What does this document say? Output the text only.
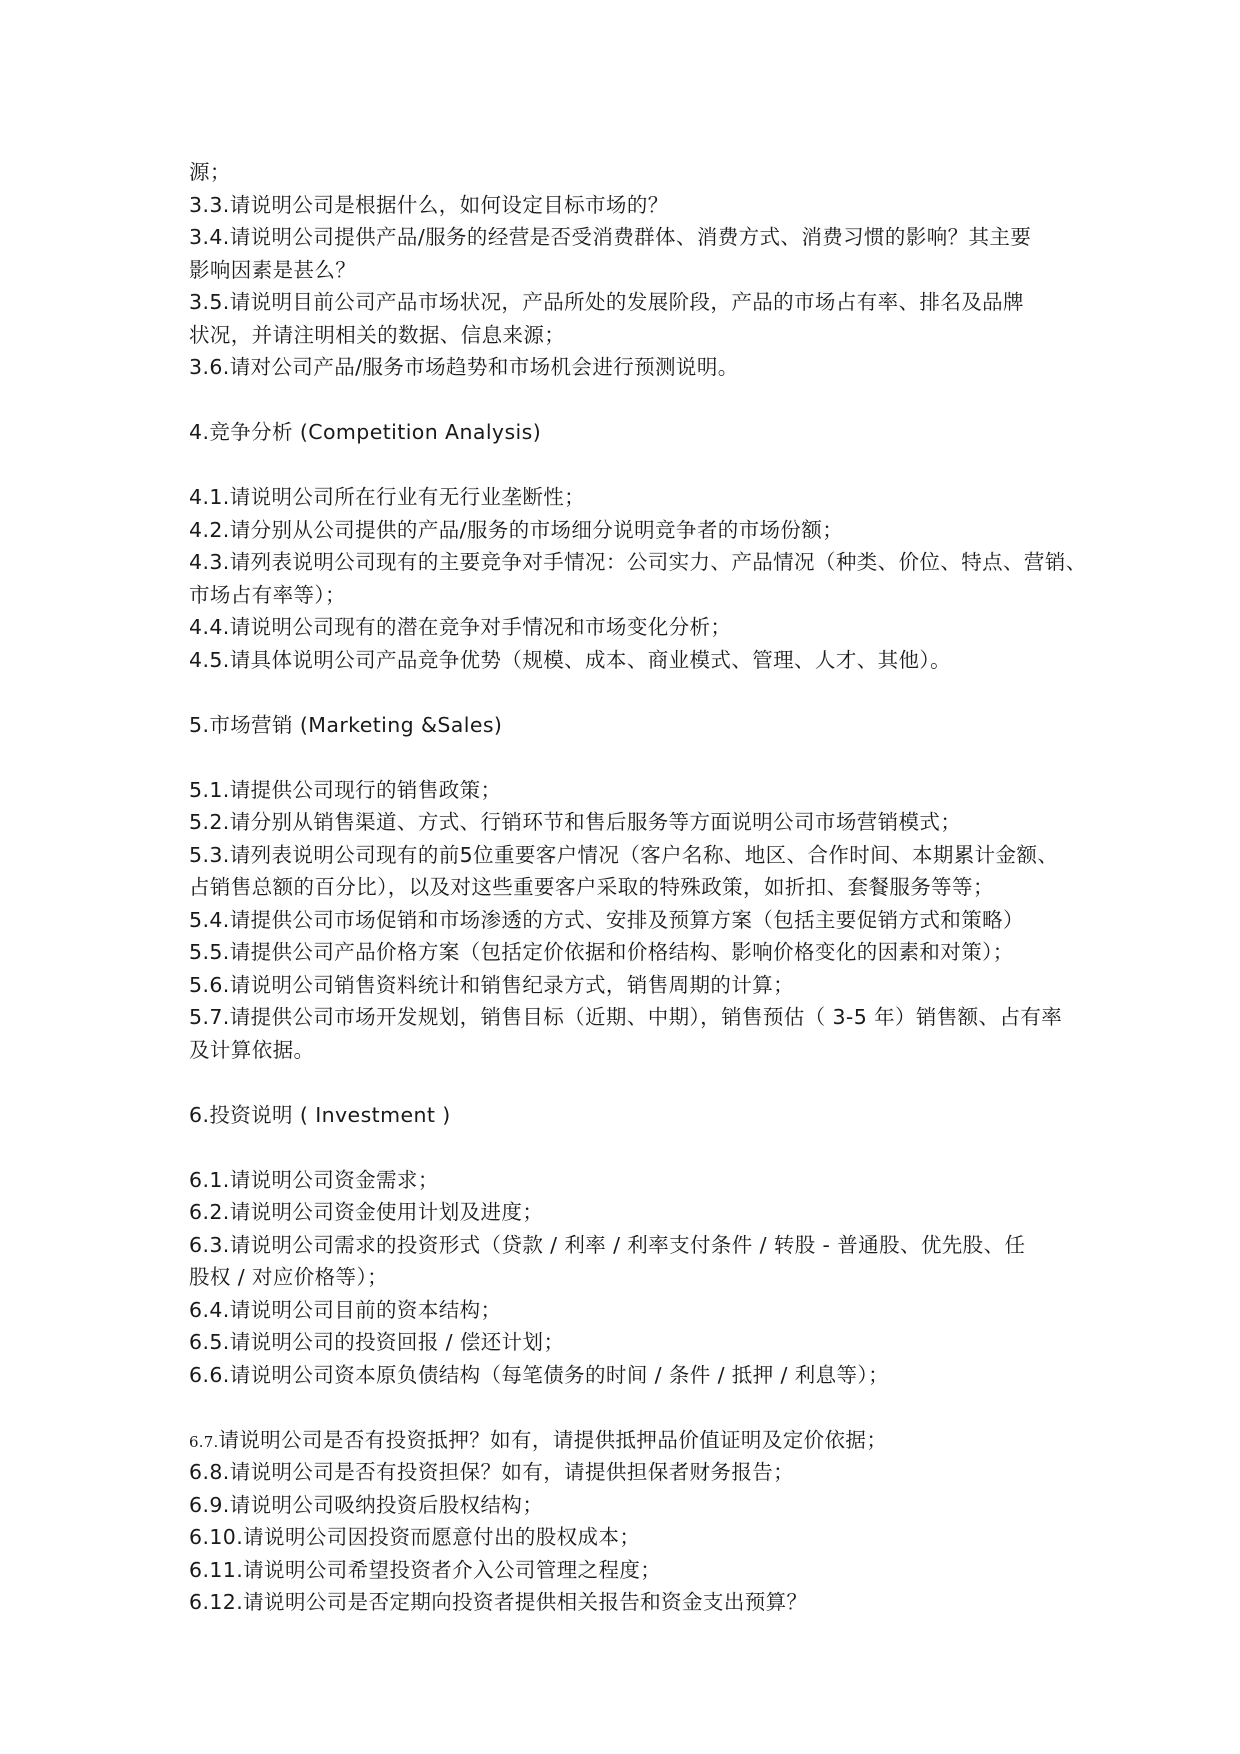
源；
3.3.请说明公司是根据什么，如何设定目标市场的？
3.4.请说明公司提供产品/服务的经营是否受消费群体、消费方式、消费习惯的影响？其主要
影响因素是甚么？
3.5.请说明目前公司产品市场状况，产品所处的发展阶段，产品的市场占有率、排名及品牌
状况，并请注明相关的数据、信息来源；
3.6.请对公司产品/服务市场趋势和市场机会进行预测说明。
4.竞争分析 (Competition Analysis)
4.1.请说明公司所在行业有无行业垄断性；
4.2.请分别从公司提供的产品/服务的市场细分说明竞争者的市场份额；
4.3.请列表说明公司现有的主要竞争对手情况：公司实力、产品情况（种类、价位、特点、营销、
市场占有率等）；
4.4.请说明公司现有的潜在竞争对手情况和市场变化分析；
4.5.请具体说明公司产品竞争优势（规模、成本、商业模式、管理、人才、其他）。
5.市场营销 (Marketing &Sales)
5.1.请提供公司现行的销售政策；
5.2.请分别从销售渠道、方式、行销环节和售后服务等方面说明公司市场营销模式；
5.3.请列表说明公司现有的前5位重要客户情况（客户名称、地区、合作时间、本期累计金额、
占销售总额的百分比），以及对这些重要客户采取的特殊政策，如折扣、套餐服务等等；
5.4.请提供公司市场促销和市场渗透的方式、安排及预算方案（包括主要促销方式和策略）
5.5.请提供公司产品价格方案（包括定价依据和价格结构、影响价格变化的因素和对策）；
5.6.请说明公司销售资料统计和销售纪录方式，销售周期的计算；
5.7.请提供公司市场开发规划，销售目标（近期、中期），销售预估（ 3-5 年）销售额、占有率
及计算依据。
6.投资说明 ( Investment )
6.1.请说明公司资金需求；
6.2.请说明公司资金使用计划及进度；
6.3.请说明公司需求的投资形式（贷款 / 利率 / 利率支付条件 / 转股 - 普通股、优先股、任
股权 / 对应价格等）；
6.4.请说明公司目前的资本结构；
6.5.请说明公司的投资回报 / 偿还计划；
6.6.请说明公司资本原负债结构（每笔债务的时间 / 条件 / 抵押 / 利息等）；
6.7.请说明公司是否有投资抵押？如有，请提供抵押品价值证明及定价依据；
6.8.请说明公司是否有投资担保？如有，请提供担保者财务报告；
6.9.请说明公司吸纳投资后股权结构；
6.10.请说明公司因投资而愿意付出的股权成本；
6.11.请说明公司希望投资者介入公司管理之程度；
6.12.请说明公司是否定期向投资者提供相关报告和资金支出预算？
